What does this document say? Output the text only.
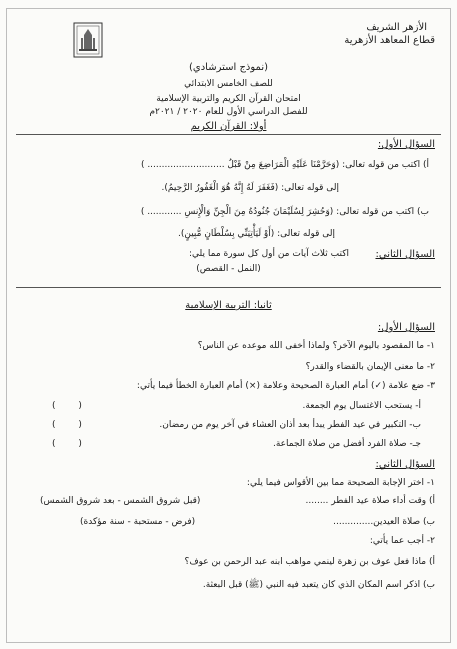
الأزهر الشريف
قطاع المعاهد الأزهرية
(نموذج استرشادي)
للصف الخامس الابتدائي
امتحان القرآن الكريم والتربية الإسلامية
للفصل الدراسي الأول للعام ٢٠٢٠ / ٢٠٢١م
أولا: القرآن الكريم
السؤال الأول:
أ) اكتب من قوله تعالى: (وَحَرَّمْنَا عَلَيْهِ الْمَرَاضِعَ مِنْ قَبْلُ ........................... )
إلى قوله تعالى: (فَغَفَرَ لَهُ إِنَّهُ هُوَ الْغَفُورُ الرَّحِيمُ).
ب) اكتب من قوله تعالى: (وَحُشِرَ لِسُلَيْمَانَ جُنُودُهُ مِنَ الْجِنِّ وَالْإِنسِ ............ )
إلى قوله تعالى: (أَوْ لَيَأْتِيَنِّي بِسُلْطَانٍ مُّبِينٍ).
السؤال الثاني:
اكتب ثلاث آيات من أول كل سورة مما يلي:
(النمل - القصص)
ثانيا: التربية الإسلامية
السؤال الأول:
١- ما المقصود باليوم الآخر؟ ولماذا أخفى الله موعده عن الناس؟
٢- ما معنى الإيمان بالقضاء والقدر؟
٣- ضع علامة (✓) أمام العبارة الصحيحة وعلامة (×) أمام العبارة الخطأ فيما يأتي:
أ- يستحب الاغتسال يوم الجمعة.
(        )
ب- التكبير في عيد الفطر يبدأ بعد أذان العشاء في آخر يوم من رمضان.
(        )
جـ- صلاة الفرد أفضل من صلاة الجماعة.
(        )
السؤال الثاني:
١- اختر الإجابة الصحيحة مما بين الأقواس فيما يلي:
أ) وقت أداء صلاة عيد الفطر ........
(قبل شروق الشمس - بعد شروق الشمس)
ب) صلاة العيدين..............
(فرض - مستحبة - سنة مؤكدة)
٢- أجب عما يأتي:
أ) ماذا فعل عوف بن زهرة لينمي مواهب ابنه عبد الرحمن بن عوف؟
ب) اذكر اسم المكان الذي كان يتعبد فيه النبي (ﷺ) قبل البعثة.
